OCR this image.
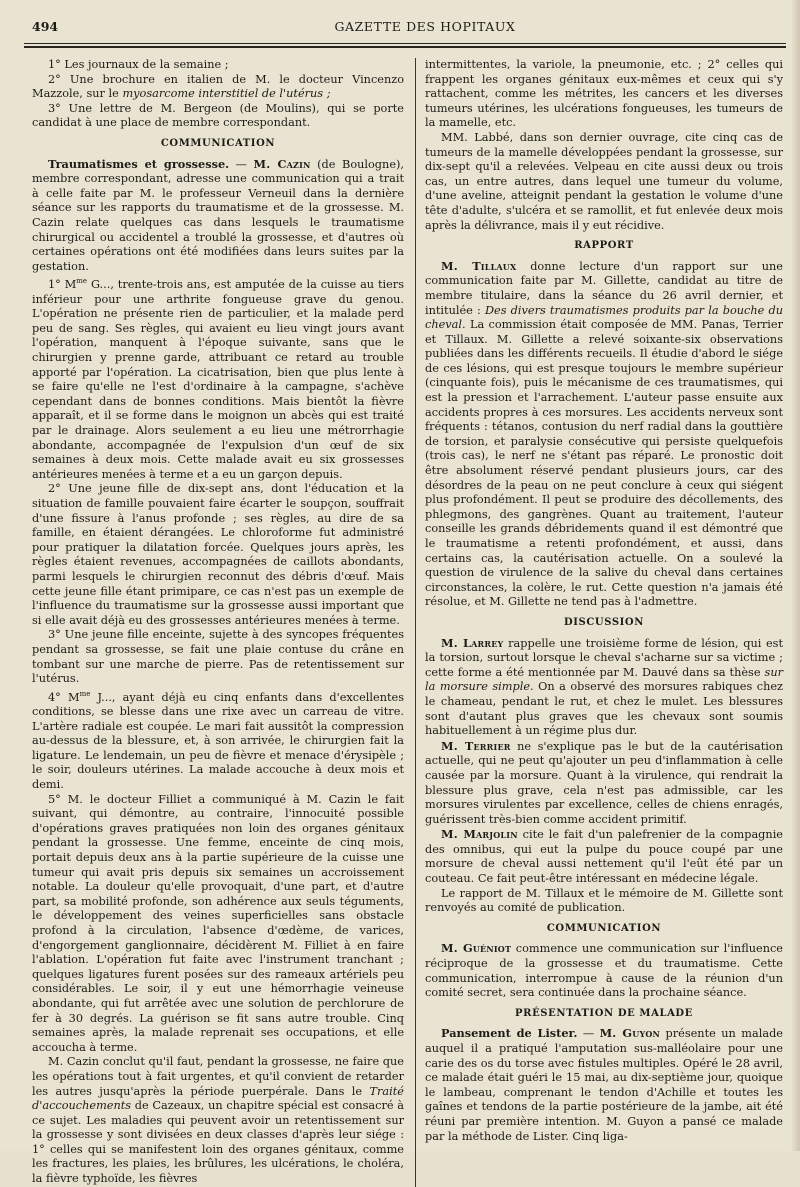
494	GAZETTE DES HOPITAUX

1° Les journaux de la semaine ;

2° Une brochure en italien de M. le docteur Vincenzo Mazzole, sur le myosarcome interstitiel de l'utérus ;

3° Une lettre de M. Bergeon (de Moulins), qui se porte candidat à une place de membre correspondant.

COMMUNICATION

Traumatismes et grossesse. — M. Cazin (de Boulogne), membre correspondant, adresse une communication qui a trait à celle faite par M. le professeur Verneuil dans la dernière séance sur les rapports du traumatisme et de la grossesse. M. Cazin relate quelques cas dans lesquels le traumatisme chirurgical ou accidentel a troublé la grossesse, et d'autres où certaines opérations ont été modifiées dans leurs suites par la gestation.

1° $M^{me}$ G..., trente-trois ans, est amputée de la cuisse au tiers inférieur pour une arthrite fongueuse grave du genou. L'opération ne présente rien de particulier, et la malade perd peu de sang. Ses règles, qui avaient eu lieu vingt jours avant l'opération, manquent à l'époque suivante, sans que le chirurgien y prenne garde, attribuant ce retard au trouble apporté par l'opération. La cicatrisation, bien que plus lente à se faire qu'elle ne l'est d'ordinaire à la campagne, s'achève cependant dans de bonnes conditions. Mais bientôt la fièvre apparaît, et il se forme dans le moignon un abcès qui est traité par le drainage. Alors seulement a eu lieu une métrorrhagie abondante, accompagnée de l'expulsion d'un œuf de six semaines à deux mois. Cette malade avait eu six grossesses antérieures menées à terme et a eu un garçon depuis.

2° Une jeune fille de dix-sept ans, dont l'éducation et la situation de famille pouvaient faire écarter le soupçon, souffrait d'une fissure à l'anus profonde ; ses règles, au dire de sa famille, en étaient dérangées. Le chloroforme fut administré pour pratiquer la dilatation forcée. Quelques jours après, les règles étaient revenues, accompagnées de caillots abondants, parmi lesquels le chirurgien reconnut des débris d'œuf. Mais cette jeune fille étant primipare, ce cas n'est pas un exemple de l'influence du traumatisme sur la grossesse aussi important que si elle avait déjà eu des grossesses antérieures menées à terme.

3° Une jeune fille enceinte, sujette à des syncopes fréquentes pendant sa grossesse, se fait une plaie contuse du crâne en tombant sur une marche de pierre. Pas de retentissement sur l'utérus.

4° $M^{me}$ J..., ayant déjà eu cinq enfants dans d'excellentes conditions, se blesse dans une rixe avec un carreau de vitre. L'artère radiale est coupée. Le mari fait aussitôt la compression au-dessus de la blessure, et, à son arrivée, le chirurgien fait la ligature. Le lendemain, un peu de fièvre et menace d'érysipèle ; le soir, douleurs utérines. La malade accouche à deux mois et demi.

5° M. le docteur Filliet a communiqué à M. Cazin le fait suivant, qui démontre, au contraire, l'innocuité possible d'opérations graves pratiquées non loin des organes génitaux pendant la grossesse. Une femme, enceinte de cinq mois, portait depuis deux ans à la partie supérieure de la cuisse une tumeur qui avait pris depuis six semaines un accroissement notable. La douleur qu'elle provoquait, d'une part, et d'autre part, sa mobilité profonde, son adhérence aux seuls téguments, le développement des veines superficielles sans obstacle profond à la circulation, l'absence d'œdème, de varices, d'engorgement ganglionnaire, décidèrent M. Filliet à en faire l'ablation. L'opération fut faite avec l'instrument tranchant ; quelques ligatures furent posées sur des rameaux artériels peu considérables. Le soir, il y eut une hémorrhagie veineuse abondante, qui fut arrêtée avec une solution de perchlorure de fer à 30 degrés. La guérison se fit sans autre trouble. Cinq semaines après, la malade reprenait ses occupations, et elle accoucha à terme.

M. Cazin conclut qu'il faut, pendant la grossesse, ne faire que les opérations tout à fait urgentes, et qu'il convient de retarder les autres jusqu'après la période puerpérale. Dans le Traité d'accouchements de Cazeaux, un chapitre spécial est consacré à ce sujet. Les maladies qui peuvent avoir un retentissement sur la grossesse y sont divisées en deux classes d'après leur siége : 1° celles qui se manifestent loin des organes génitaux, comme les fractures, les plaies, les brûlures, les ulcérations, le choléra, la fièvre typhoïde, les fièvres

intermittentes, la variole, la pneumonie, etc. ; 2° celles qui frappent les organes génitaux eux-mêmes et ceux qui s'y rattachent, comme les métrites, les cancers et les diverses tumeurs utérines, les ulcérations fongueuses, les tumeurs de la mamelle, etc.

MM. Labbé, dans son dernier ouvrage, cite cinq cas de tumeurs de la mamelle développées pendant la grossesse, sur dix-sept qu'il a relevées. Velpeau en cite aussi deux ou trois cas, un entre autres, dans lequel une tumeur du volume, d'une aveline, atteignit pendant la gestation le volume d'une tête d'adulte, s'ulcéra et se ramollit, et fut enlevée deux mois après la délivrance, mais il y eut récidive.

RAPPORT

M. Tillaux donne lecture d'un rapport sur une communication faite par M. Gillette, candidat au titre de membre titulaire, dans la séance du 26 avril dernier, et intitulée : Des divers traumatismes produits par la bouche du cheval. La commission était composée de MM. Panas, Terrier et Tillaux. M. Gillette a relevé soixante-six observations publiées dans les différents recueils. Il étudie d'abord le siége de ces lésions, qui est presque toujours le membre supérieur (cinquante fois), puis le mécanisme de ces traumatismes, qui est la pression et l'arrachement. L'auteur passe ensuite aux accidents propres à ces morsures. Les accidents nerveux sont fréquents : tétanos, contusion du nerf radial dans la gouttière de torsion, et paralysie consécutive qui persiste quelquefois (trois cas), le nerf ne s'étant pas réparé. Le pronostic doit être absolument réservé pendant plusieurs jours, car des désordres de la peau on ne peut conclure à ceux qui siégent plus profondément. Il peut se produire des décollements, des phlegmons, des gangrènes. Quant au traitement, l'auteur conseille les grands débridements quand il est démontré que le traumatisme a retenti profondément, et aussi, dans certains cas, la cautérisation actuelle. On a soulevé la question de virulence de la salive du cheval dans certaines circonstances, la colère, le rut. Cette question n'a jamais été résolue, et M. Gillette ne tend pas à l'admettre.

DISCUSSION

M. Larrey rappelle une troisième forme de lésion, qui est la torsion, surtout lorsque le cheval s'acharne sur sa victime ; cette forme a été mentionnée par M. Dauvé dans sa thèse sur la morsure simple. On a observé des morsures rabiques chez le chameau, pendant le rut, et chez le mulet. Les blessures sont d'autant plus graves que les chevaux sont soumis habituellement à un régime plus dur.

M. Terrier ne s'explique pas le but de la cautérisation actuelle, qui ne peut qu'ajouter un peu d'inflammation à celle causée par la morsure. Quant à la virulence, qui rendrait la blessure plus grave, cela n'est pas admissible, car les morsures virulentes par excellence, celles de chiens enragés, guérissent très-bien comme accident primitif.

M. Marjolin cite le fait d'un palefrenier de la compagnie des omnibus, qui eut la pulpe du pouce coupé par une morsure de cheval aussi nettement qu'il l'eût été par un couteau. Ce fait peut-être intéressant en médecine légale.

Le rapport de M. Tillaux et le mémoire de M. Gillette sont renvoyés au comité de publication.

COMMUNICATION

M. Guéniot commence une communication sur l'influence réciproque de la grossesse et du traumatisme. Cette communication, interrompue à cause de la réunion d'un comité secret, sera continuée dans la prochaine séance.

PRÉSENTATION DE MALADE

Pansement de Lister. — M. Guyon présente un malade auquel il a pratiqué l'amputation sus-malléolaire pour une carie des os du torse avec fistules multiples. Opéré le 28 avril, ce malade était guéri le 15 mai, au dix-septième jour, quoique le lambeau, comprenant le tendon d'Achille et toutes les gaînes et tendons de la partie postérieure de la jambe, ait été réuni par première intention. M. Guyon a pansé ce malade par la méthode de Lister. Cinq liga-
